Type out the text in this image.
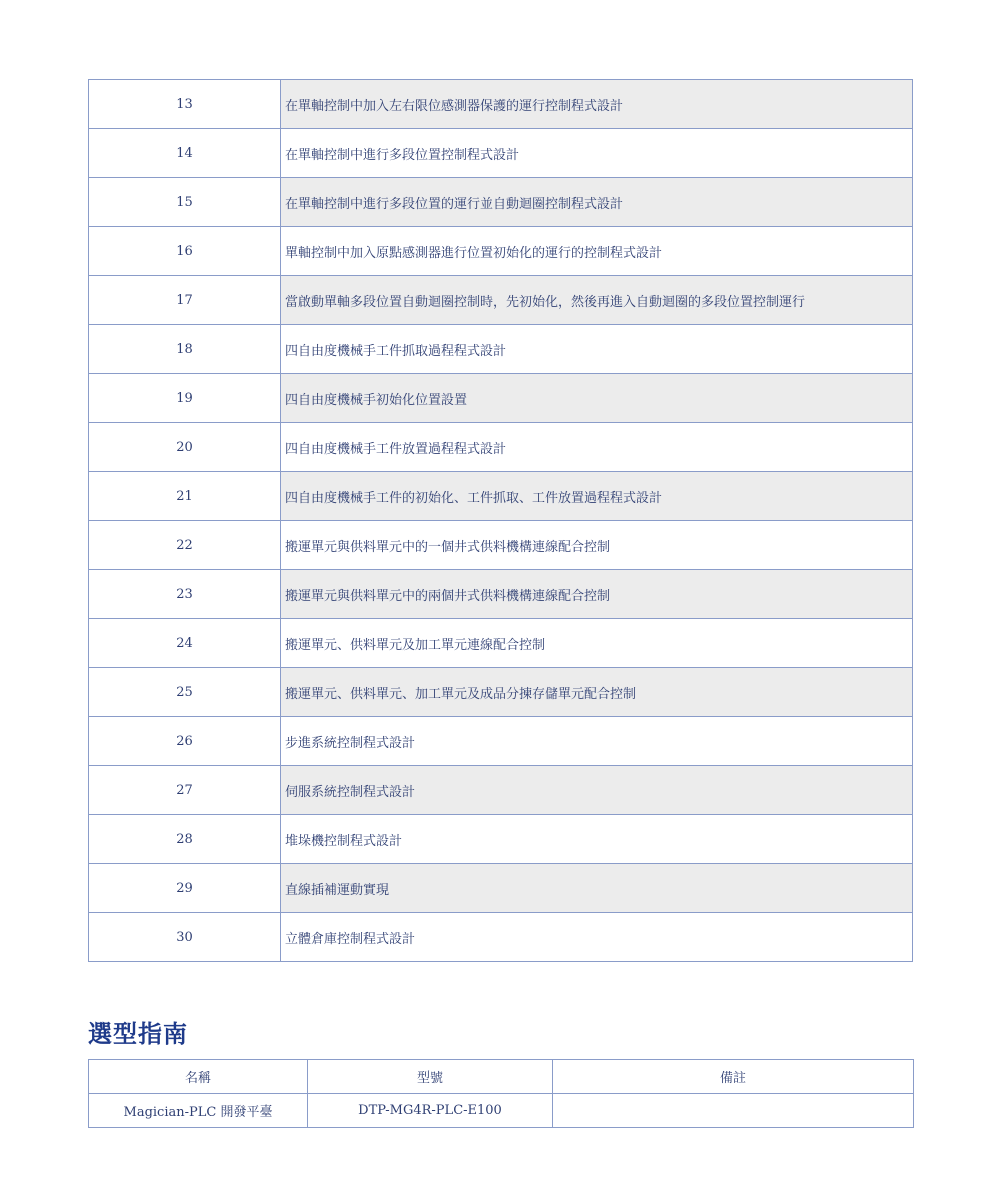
13	在單軸控制中加入左右限位感測器保護的運行控制程式設計
14	在單軸控制中進行多段位置控制程式設計
15	在單軸控制中進行多段位置的運行並自動迴圈控制程式設計
16	單軸控制中加入原點感測器進行位置初始化的運行的控制程式設計
17	當啟動單軸多段位置自動迴圈控制時，先初始化，然後再進入自動迴圈的多段位置控制運行
18	四自由度機械手工件抓取過程程式設計
19	四自由度機械手初始化位置設置
20	四自由度機械手工件放置過程程式設計
21	四自由度機械手工件的初始化、工件抓取、工件放置過程程式設計
22	搬運單元與供料單元中的一個井式供料機構連線配合控制
23	搬運單元與供料單元中的兩個井式供料機構連線配合控制
24	搬運單元、供料單元及加工單元連線配合控制
25	搬運單元、供料單元、加工單元及成品分揀存儲單元配合控制
26	步進系統控制程式設計
27	伺服系統控制程式設計
28	堆垛機控制程式設計
29	直線插補運動實現
30	立體倉庫控制程式設計
選型指南
名稱	型號	備註
Magician-PLC 開發平臺	DTP-MG4R-PLC-E100	
